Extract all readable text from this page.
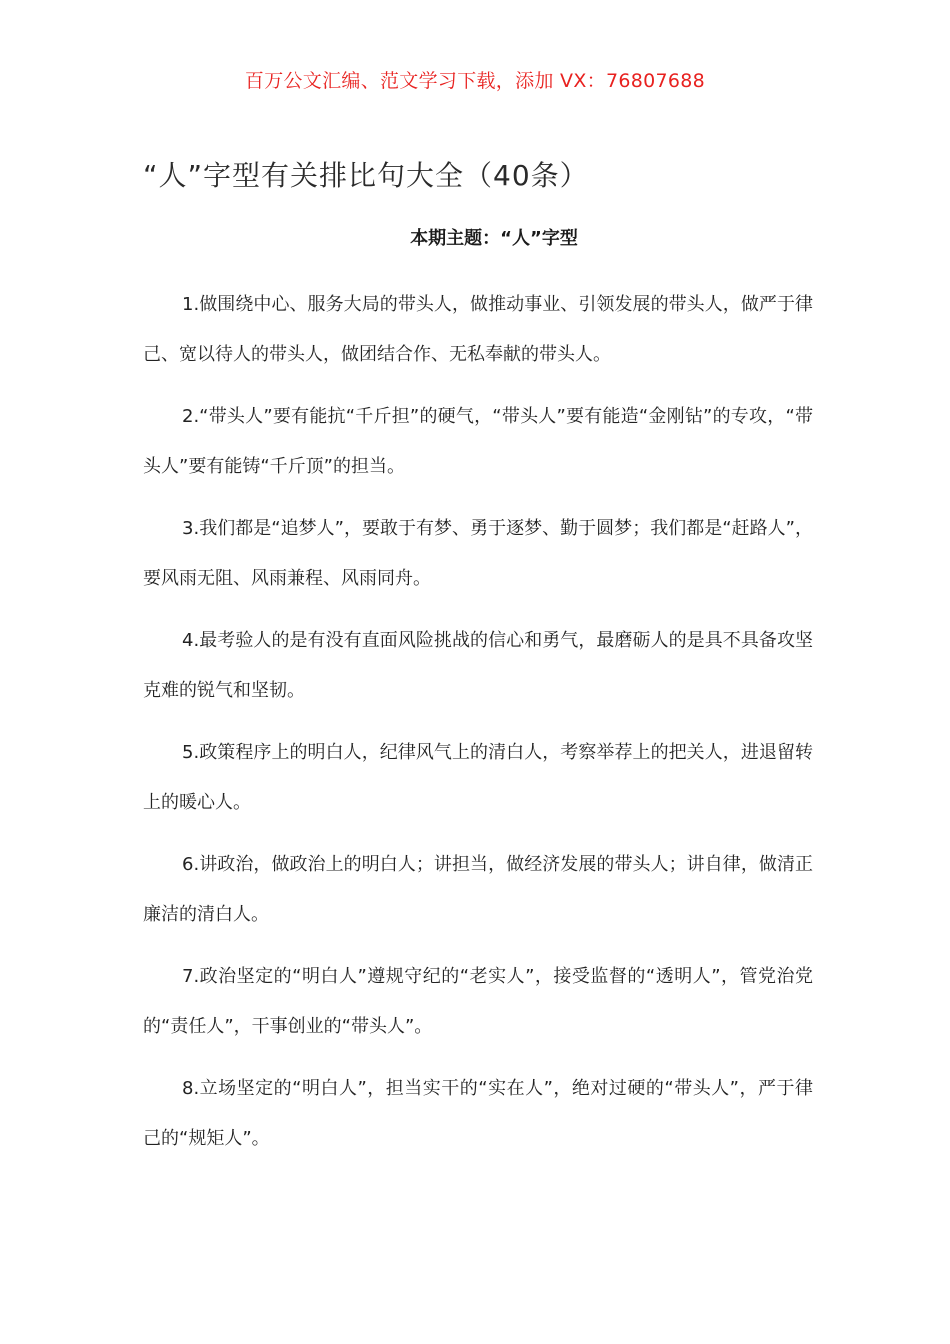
百万公文汇编、范文学习下载，添加 VX：76807688
“人”字型有关排比句大全（40条）
本期主题：“人”字型

1.做围绕中心、服务大局的带头人，做推动事业、引领发展的带头人，做严于律己、宽以待人的带头人，做团结合作、无私奉献的带头人。

2.“带头人”要有能抗“千斤担”的硬气，“带头人”要有能造“金刚钻”的专攻，“带头人”要有能铸“千斤顶”的担当。

3.我们都是“追梦人”，要敢于有梦、勇于逐梦、勤于圆梦；我们都是“赶路人”，要风雨无阻、风雨兼程、风雨同舟。

4.最考验人的是有没有直面风险挑战的信心和勇气，最磨砺人的是具不具备攻坚克难的锐气和坚韧。

5.政策程序上的明白人，纪律风气上的清白人，考察举荐上的把关人，进退留转上的暖心人。

6.讲政治，做政治上的明白人；讲担当，做经济发展的带头人；讲自律，做清正廉洁的清白人。

7.政治坚定的“明白人”遵规守纪的“老实人”，接受监督的“透明人”，管党治党的“责任人”，干事创业的“带头人”。

8.立场坚定的“明白人”，担当实干的“实在人”，绝对过硬的“带头人”，严于律己的“规矩人”。
